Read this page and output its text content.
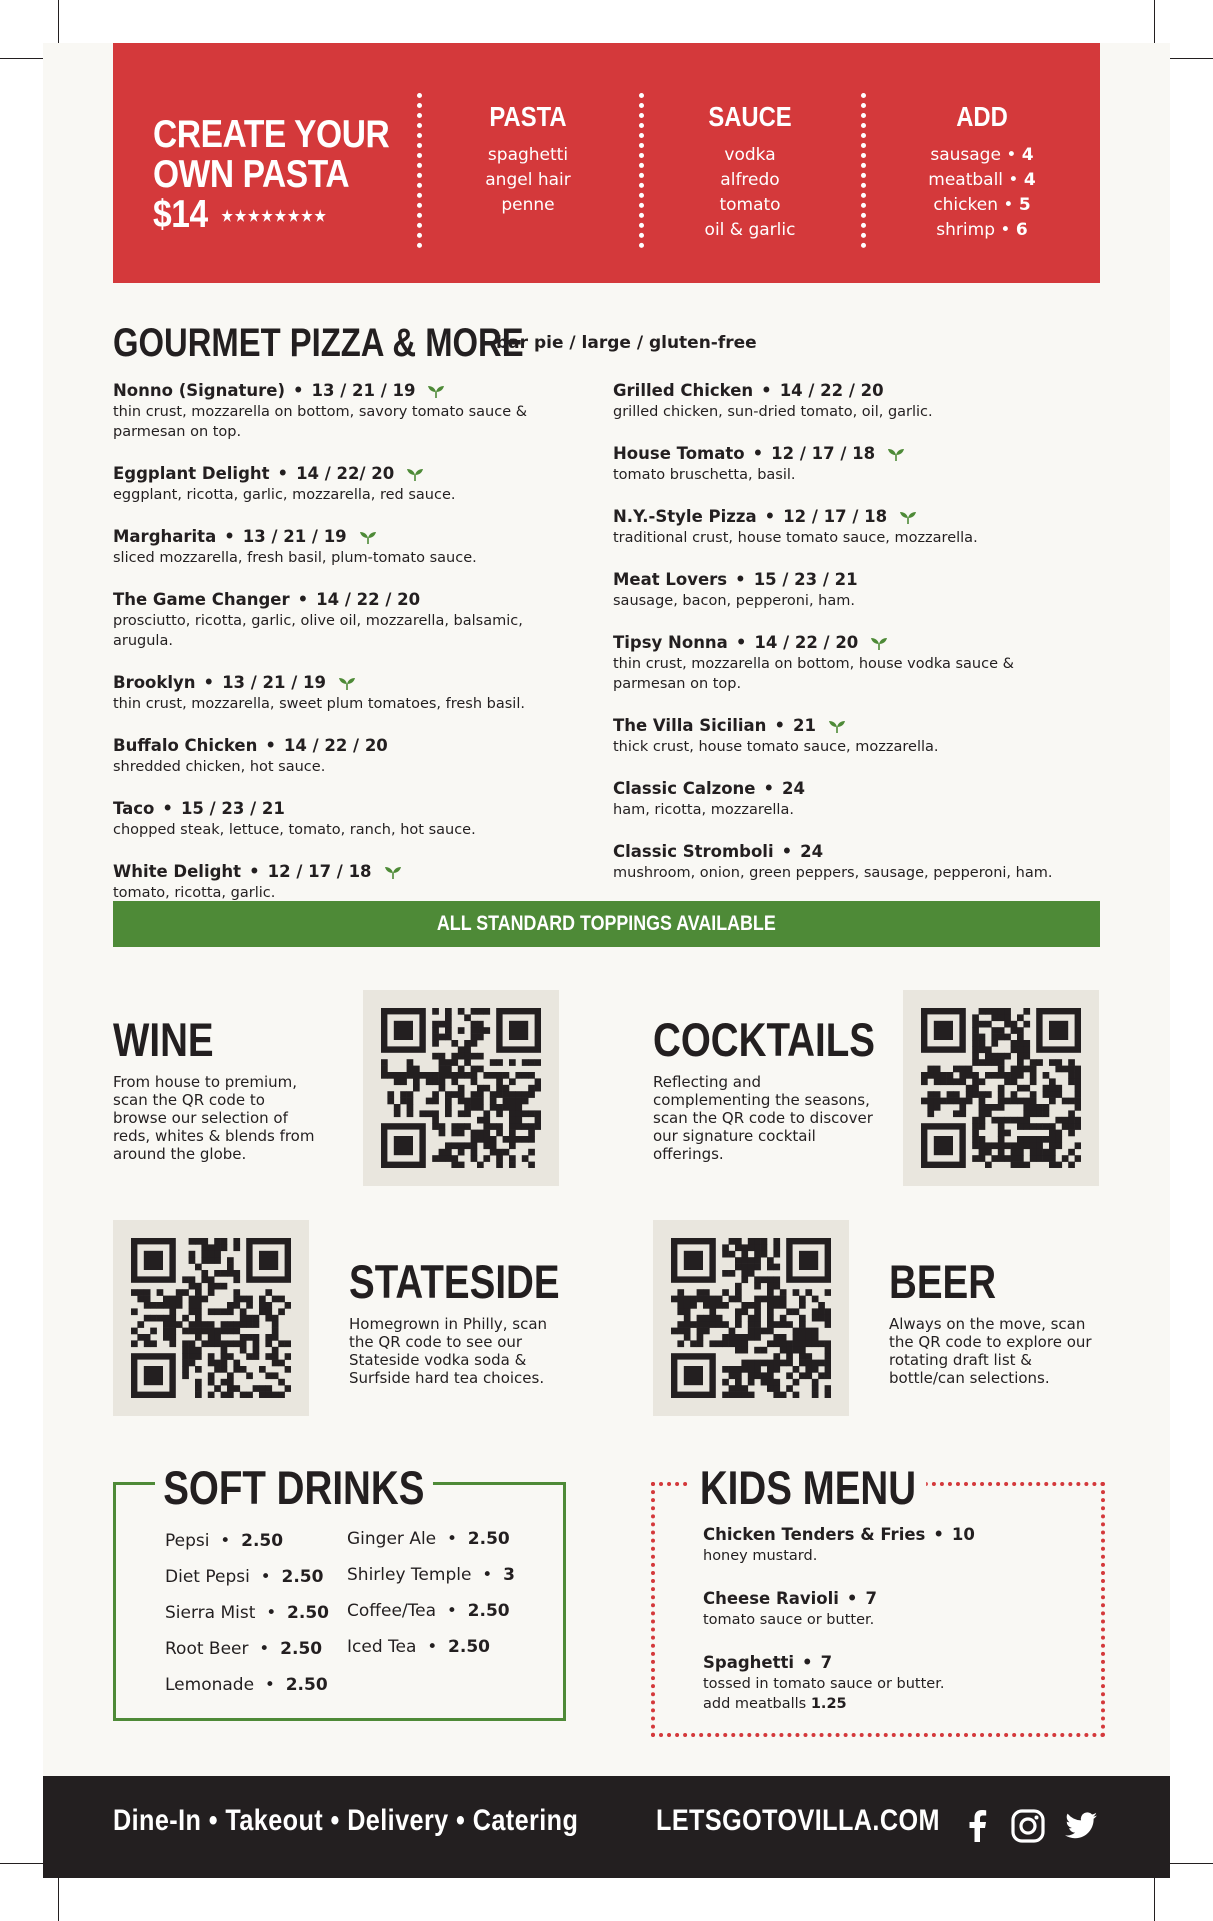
CREATE YOUR
OWN PASTA
$14 ★★★★★★★★
PASTA
spaghetti
angel hair
penne
SAUCE
vodka
alfredo
tomato
oil & garlic
ADD
sausage • 4
meatball • 4
chicken • 5
shrimp • 6
GOURMET PIZZA & MORE
bar pie / large / gluten-free
Nonno (Signature) • 13 / 21 / 19
thin crust, mozzarella on bottom, savory tomato sauce & parmesan on top.
Eggplant Delight • 14 / 22/ 20
eggplant, ricotta, garlic, mozzarella, red sauce.
Margharita • 13 / 21 / 19
sliced mozzarella, fresh basil, plum-tomato sauce.
The Game Changer • 14 / 22 / 20
prosciutto, ricotta, garlic, olive oil, mozzarella, balsamic, arugula.
Brooklyn • 13 / 21 / 19
thin crust, mozzarella, sweet plum tomatoes, fresh basil.
Buffalo Chicken • 14 / 22 / 20
shredded chicken, hot sauce.
Taco • 15 / 23 / 21
chopped steak, lettuce, tomato, ranch, hot sauce.
White Delight • 12 / 17 / 18
tomato, ricotta, garlic.
Grilled Chicken • 14 / 22 / 20
grilled chicken, sun-dried tomato, oil, garlic.
House Tomato • 12 / 17 / 18
tomato bruschetta, basil.
N.Y.-Style Pizza • 12 / 17 / 18
traditional crust, house tomato sauce, mozzarella.
Meat Lovers • 15 / 23 / 21
sausage, bacon, pepperoni, ham.
Tipsy Nonna • 14 / 22 / 20
thin crust, mozzarella on bottom, house vodka sauce & parmesan on top.
The Villa Sicilian • 21
thick crust, house tomato sauce, mozzarella.
Classic Calzone • 24
ham, ricotta, mozzarella.
Classic Stromboli • 24
mushroom, onion, green peppers, sausage, pepperoni, ham.
ALL STANDARD TOPPINGS AVAILABLE
WINE
From house to premium, scan the QR code to browse our selection of reds, whites & blends from around the globe.
COCKTAILS
Reflecting and complementing the seasons, scan the QR code to discover our signature cocktail offerings.
STATESIDE
Homegrown in Philly, scan the QR code to see our Stateside vodka soda & Surfside hard tea choices.
BEER
Always on the move, scan the QR code to explore our rotating draft list & bottle/can selections.
SOFT DRINKS
Pepsi  •  2.50
Diet Pepsi  •  2.50
Sierra Mist  •  2.50
Root Beer  •  2.50
Lemonade  •  2.50
Ginger Ale  •  2.50
Shirley Temple  •  3
Coffee/Tea  •  2.50
Iced Tea  •  2.50
KIDS MENU
Chicken Tenders & Fries • 10
honey mustard.
Cheese Ravioli • 7
tomato sauce or butter.
Spaghetti • 7
tossed in tomato sauce or butter.
add meatballs 1.25
Dine-In • Takeout • Delivery • Catering	LETSGOTOVILLA.COM
